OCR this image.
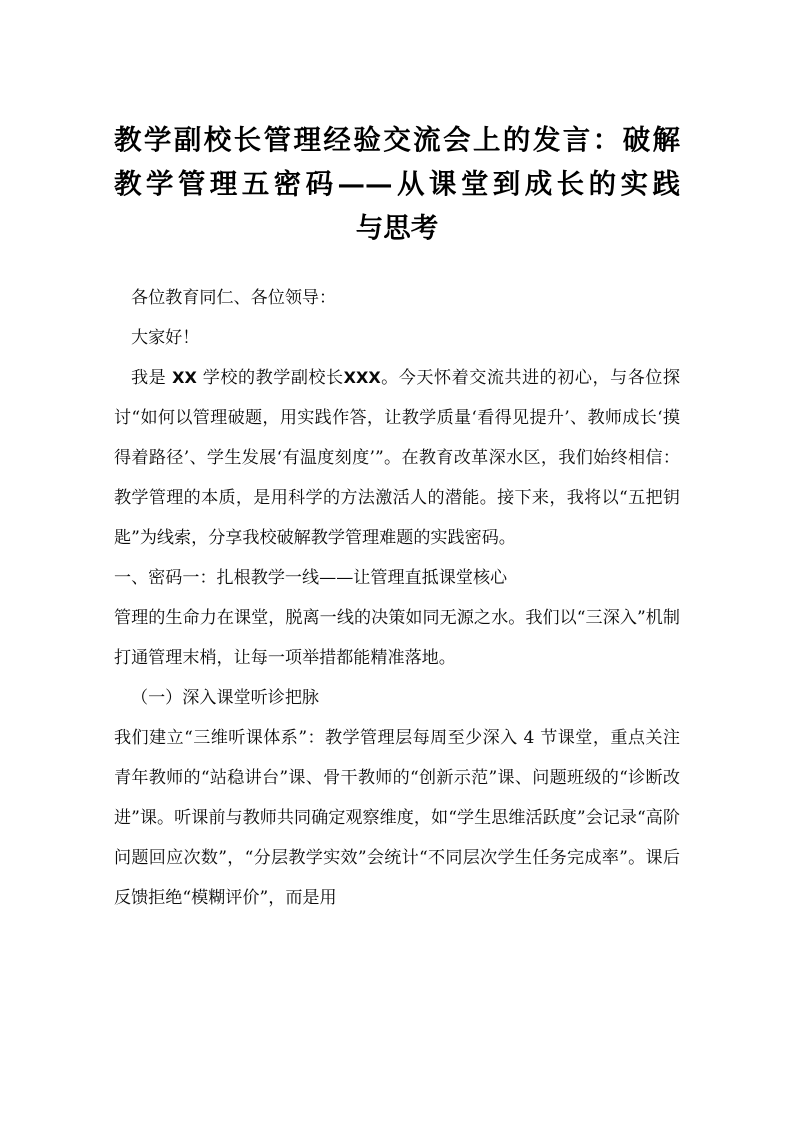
教学副校长管理经验交流会上的发言：破解
教学管理五密码——从课堂到成长的实践
与思考

各位教育同仁、各位领导：

大家好！

我是 XX 学校的教学副校长XXX。今天怀着交流共进的初心，与各位探讨“如何以管理破题，用实践作答，让教学质量‘看得见提升’、教师成长‘摸得着路径’、学生发展‘有温度刻度’”。在教育改革深水区，我们始终相信：教学管理的本质，是用科学的方法激活人的潜能。接下来，我将以“五把钥匙”为线索，分享我校破解教学管理难题的实践密码。

一、密码一：扎根教学一线——让管理直抵课堂核心

管理的生命力在课堂，脱离一线的决策如同无源之水。我们以“三深入”机制打通管理末梢，让每一项举措都能精准落地。

（一）深入课堂听诊把脉

我们建立“三维听课体系”：教学管理层每周至少深入 4 节课堂，重点关注青年教师的“站稳讲台”课、骨干教师的“创新示范”课、问题班级的“诊断改进”课。听课前与教师共同确定观察维度，如“学生思维活跃度”会记录“高阶问题回应次数”，“分层教学实效”会统计“不同层次学生任务完成率”。课后反馈拒绝“模糊评价”，而是用
